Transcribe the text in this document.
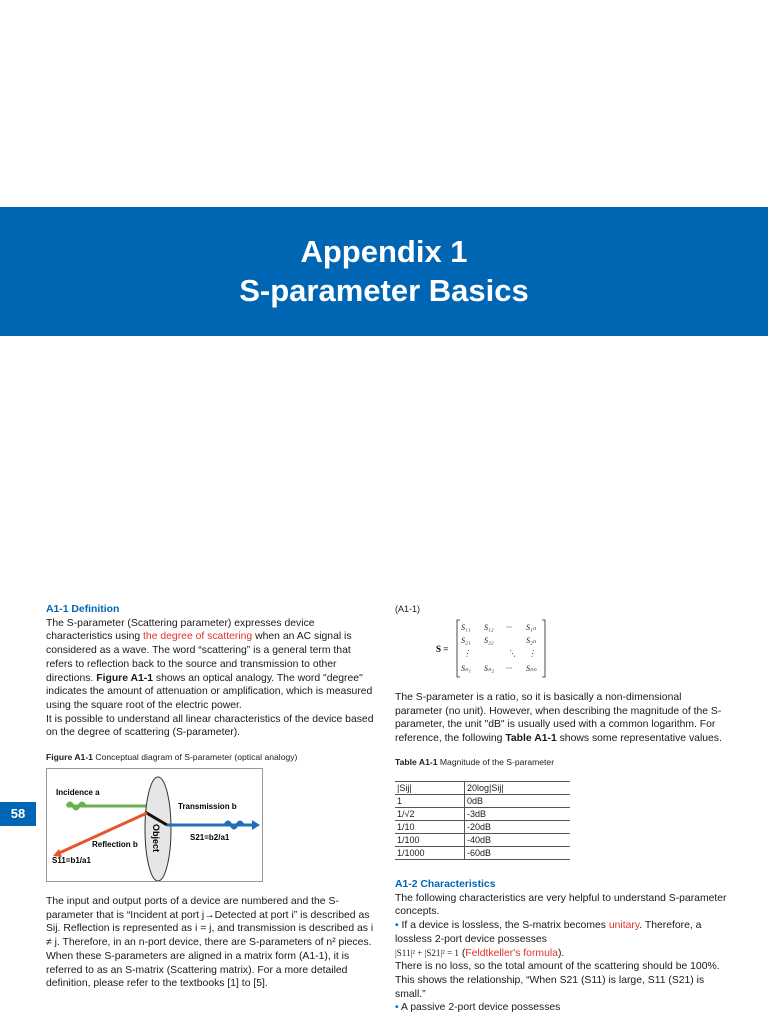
Appendix 1
S-parameter Basics
58
A1-1 Definition

The S-parameter (Scattering parameter) expresses device characteristics using the degree of scattering when an AC signal is considered as a wave. The word “scattering” is a general term that refers to reflection back to the source and transmission to other directions. Figure A1-1 shows an optical analogy. The word "degree" indicates the amount of attenuation or amplification, which is measured using the square root of the electric power.

It is possible to understand all linear characteristics of the device based on the degree of scattering (S-parameter).

Figure A1-1 Conceptual diagram of S-parameter (optical analogy)

Incidence a
Transmission b
Reflection b
S21=b2/a1
S11=b1/a1
Object

The input and output ports of a device are numbered and the S-parameter that is “Incident at port j→Detected at port i” is described as Sij. Reflection is represented as i = j, and transmission is described as i ≠ j. Therefore, in an n-port device, there are S-parameters of n² pieces. When these S-parameters are aligned in a matrix form (A1-1), it is referred to as an S-matrix (Scattering matrix). For a more detailed definition, please refer to the textbooks [1] to [5].

(A1-1)
S =
S₁₁ S₁₂ ··· S₁ₙ
S₂₁ S₂₂	S₂ₙ
⋮	⋱ ⋮
Sₙ₁ Sₙ₂ ··· Sₙₙ

The S-parameter is a ratio, so it is basically a non-dimensional parameter (no unit). However, when describing the magnitude of the S-parameter, the unit "dB" is usually used with a common logarithm. For reference, the following Table A1-1 shows some representative values.

Table A1-1 Magnitude of the S-parameter

|Sij|	20log|Sij|
1	0dB
1/√2	-3dB
1/10	-20dB
1/100	-40dB
1/1000	-60dB
A1-2 Characteristics

The following characteristics are very helpful to understand S-parameter concepts.

• If a device is lossless, the S-matrix becomes unitary. Therefore, a lossless 2-port device possesses

|S11|² + |S21|² = 1 (Feldtkeller's formula).

There is no loss, so the total amount of the scattering should be 100%. This shows the relationship, “When S21 (S11) is large, S11 (S21) is small.”

• A passive 2-port device possesses
